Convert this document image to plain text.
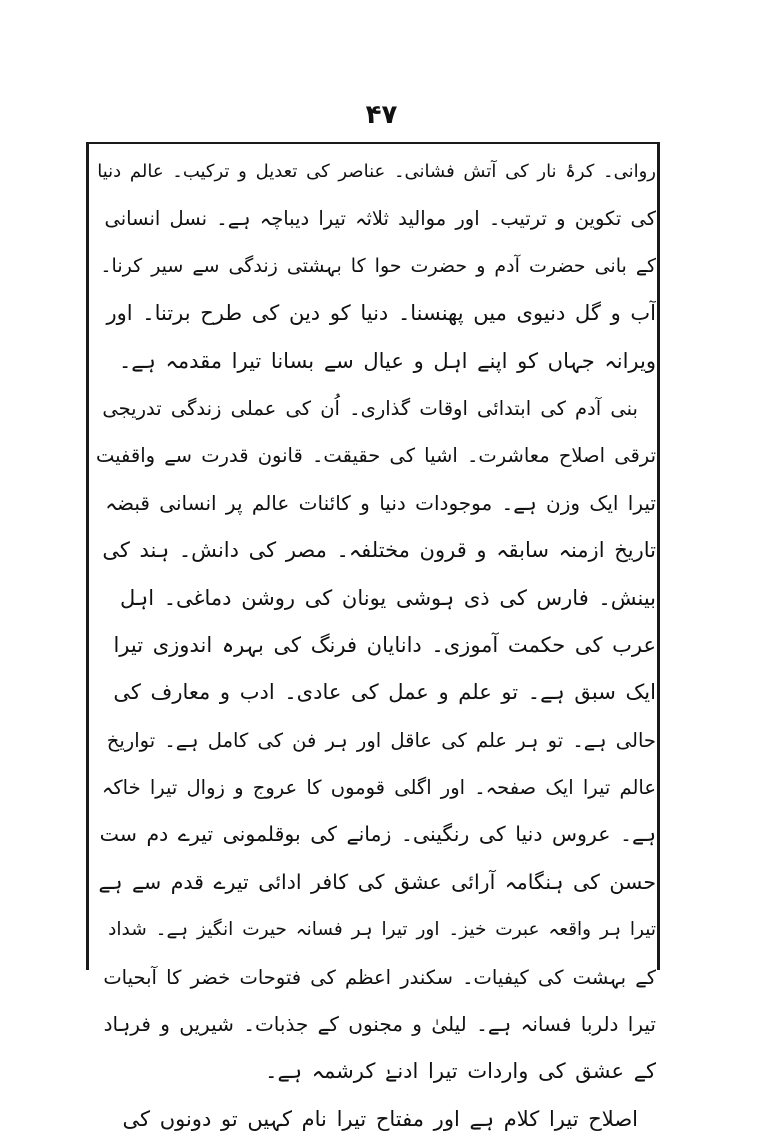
۴۷
روانی۔ کرۂ نار کی آتش فشانی۔ عناصر کی تعدیل و ترکیب۔ عالم دنیا
کی تکوین و ترتیب۔ اور موالید ثلاثہ تیرا دیباچہ ہے۔ نسل انسانی
کے بانی حضرت آدم و حضرت حوا کا بہشتی زندگی سے سیر کرنا۔
آب و گل دنیوی میں پھنسنا۔ دنیا کو دین کی طرح برتنا۔ اور
ویرانہ جہاں کو اپنے اہل و عیال سے بسانا تیرا مقدمہ ہے۔
بنی آدم کی ابتدائی اوقات گذاری۔ اُن کی عملی زندگی تدریجی
ترقی اصلاح معاشرت۔ اشیا کی حقیقت۔ قانون قدرت سے واقفیت
تیرا ایک وزن ہے۔ موجودات دنیا و کائنات عالم پر انسانی قبضہ
تاریخ ازمنہ سابقہ و قرون مختلفہ۔ مصر کی دانش۔ ہند کی
بینش۔ فارس کی ذی ہوشی یونان کی روشن دماغی۔ اہل
عرب کی حکمت آموزی۔ دانایان فرنگ کی بہرہ اندوزی تیرا
ایک سبق ہے۔ تو علم و عمل کی عادی۔ ادب و معارف کی
حالی ہے۔ تو ہر علم کی عاقل اور ہر فن کی کامل ہے۔ تواریخ
عالم تیرا ایک صفحہ۔ اور اگلی قوموں کا عروج و زوال تیرا خاکہ
ہے۔ عروس دنیا کی رنگینی۔ زمانے کی بوقلمونی تیرے دم ست
حسن کی ہنگامہ آرائی عشق کی کافر ادائی تیرے قدم سے ہے
تیرا ہر واقعہ عبرت خیز۔ اور تیرا ہر فسانہ حیرت انگیز ہے۔ شداد
کے بہشت کی کیفیات۔ سکندر اعظم کی فتوحات خضر کا آبحیات
تیرا دلربا فسانہ ہے۔ لیلیٰ و مجنوں کے جذبات۔ شیریں و فرہاد
کے عشق کی واردات تیرا ادنےٰ کرشمہ ہے۔
اصلاح تیرا کلام ہے اور مفتاح تیرا نام کہیں تو دونوں کی
